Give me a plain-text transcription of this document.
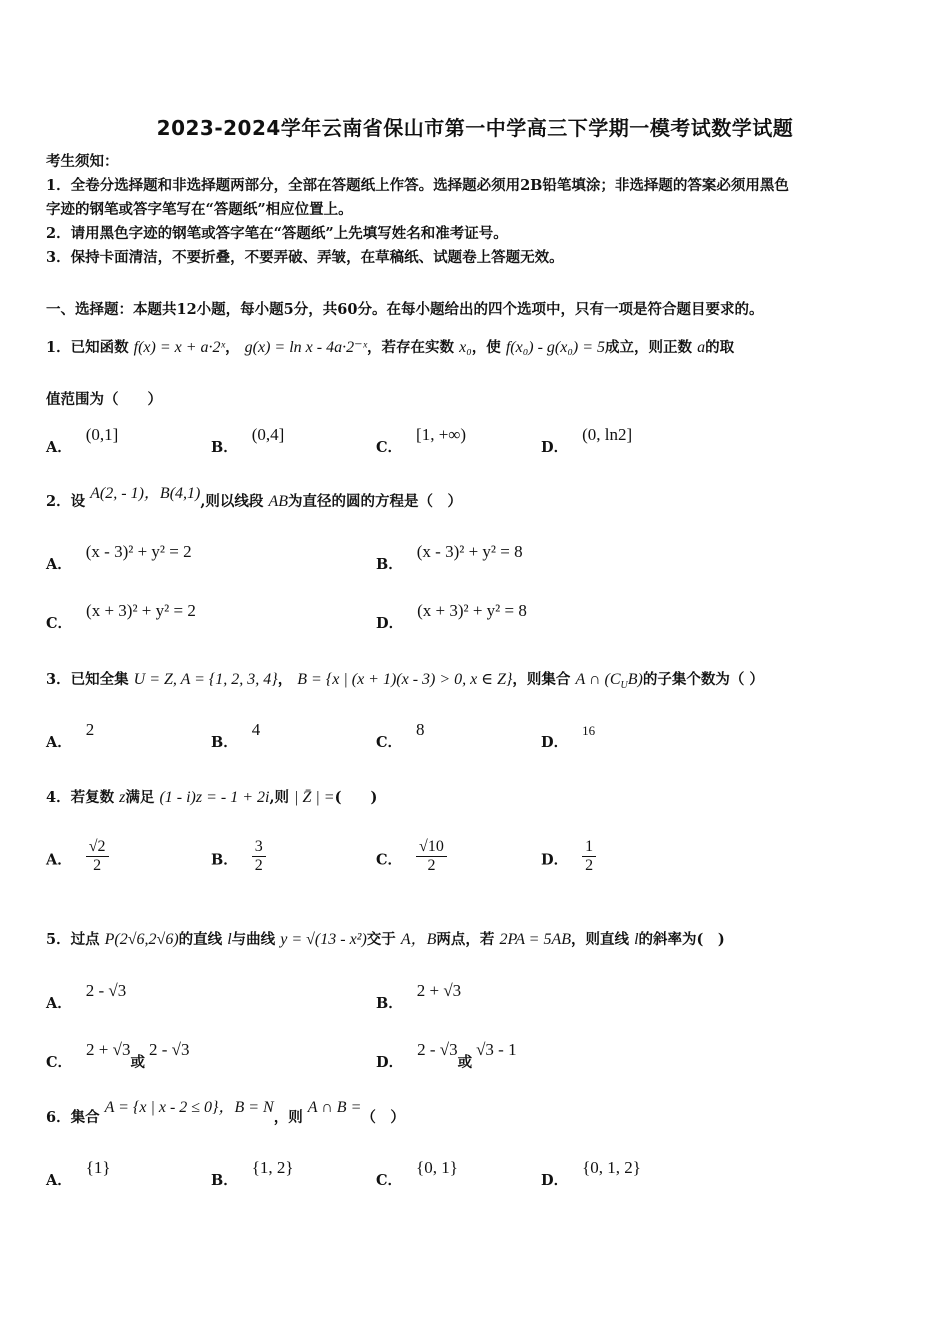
2023-2024学年云南省保山市第一中学高三下学期一模考试数学试题
考生须知：
1．全卷分选择题和非选择题两部分，全部在答题纸上作答。选择题必须用2B铅笔填涂；非选择题的答案必须用黑色
字迹的钢笔或答字笔写在“答题纸”相应位置上。
2．请用黑色字迹的钢笔或答字笔在“答题纸”上先填写姓名和准考证号。
3．保持卡面清洁，不要折叠，不要弄破、弄皱，在草稿纸、试题卷上答题无效。
一、选择题：本题共12小题，每小题5分，共60分。在每小题给出的四个选项中，只有一项是符合题目要求的。
1．已知函数 f(x) = x + a·2ˣ， g(x) = ln x - 4a·2⁻ˣ，若存在实数 x₀，使 f(x₀) - g(x₀) = 5成立，则正数 a的取
值范围为（　　）
A．(0,1]
B．(0,4]
C．[1, +∞)
D．(0, ln2]
2．设 A(2, - 1)，B(4,1),则以线段 AB为直径的圆的方程是（　）
A．(x - 3)² + y² = 2
B．(x - 3)² + y² = 8
C．(x + 3)² + y² = 2
D．(x + 3)² + y² = 8
3．已知全集 U = Z, A = {1, 2, 3, 4}， B = {x | (x + 1)(x - 3) > 0, x ∈ Z}，则集合 A ∩ $(C_UB)$的子集个数为（ ）
A．2
B．4
C．8
D．16
4．若复数 z满足 (1 - i)z = - 1 + 2i,则 | Z̄ | =(　　)
A． $\frac{√2}{2}$	B． $\frac{3}{2}$	C． $\frac{√10}{2}$	D． $\frac{1}{2}$
5．过点 P(2√6,2√6)的直线 l与曲线 y = √(13 - x²)交于 A，B两点，若 2PA = 5AB，则直线 l的斜率为(　)
A．2 - √3
B．2 + √3
C．2 + √3或2 - √3
D．2 - √3或√3 - 1
6．集合 A = {x | x - 2 ≤ 0}，B = N，则 A ∩ B =（　）
A．{1}
B．{1, 2}
C．{0, 1}
D．{0, 1, 2}
